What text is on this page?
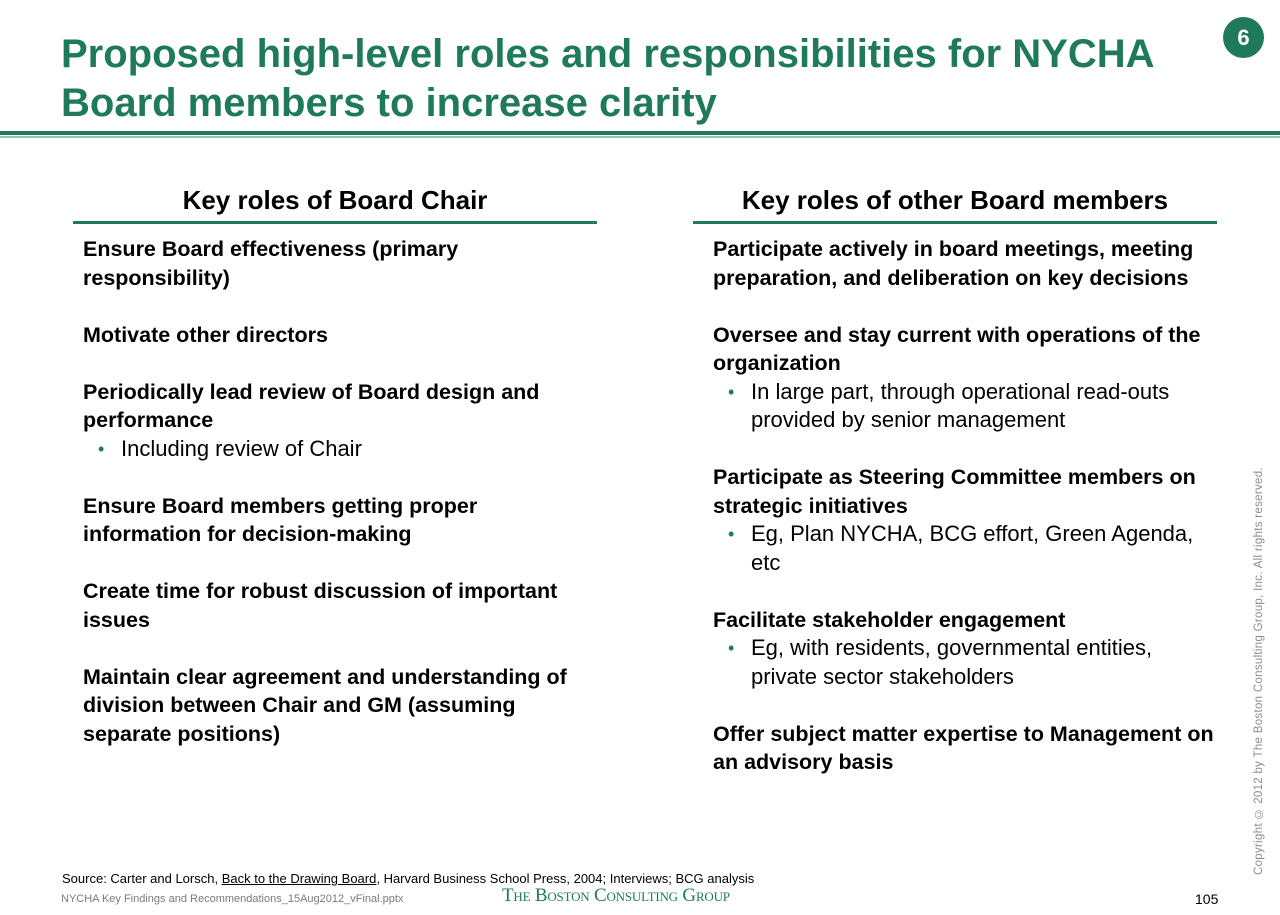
Proposed high-level roles and responsibilities for NYCHA Board members to increase clarity
6
Key roles of Board Chair
Ensure Board effectiveness (primary responsibility)
Motivate other directors
Periodically lead review of Board design and performance
• Including review of Chair
Ensure Board members getting proper information for decision-making
Create time for robust discussion of important issues
Maintain clear agreement and understanding of division between Chair and GM (assuming separate positions)
Key roles of other Board members
Participate actively in board meetings, meeting preparation, and deliberation on key decisions
Oversee and stay current with operations of the organization
• In large part, through operational read-outs provided by senior management
Participate as Steering Committee members on strategic initiatives
• Eg, Plan NYCHA, BCG effort, Green Agenda, etc
Facilitate stakeholder engagement
• Eg, with residents, governmental entities, private sector stakeholders
Offer subject matter expertise to Management on an advisory basis	Copyright © 2012 by The Boston Consulting Group, Inc. All rights reserved.
Source: Carter and Lorsch, Back to the Drawing Board, Harvard Business School Press, 2004; Interviews; BCG analysis
NYCHA Key Findings and Recommendations_15Aug2012_vFinal.pptx	The Boston Consulting Group	105
